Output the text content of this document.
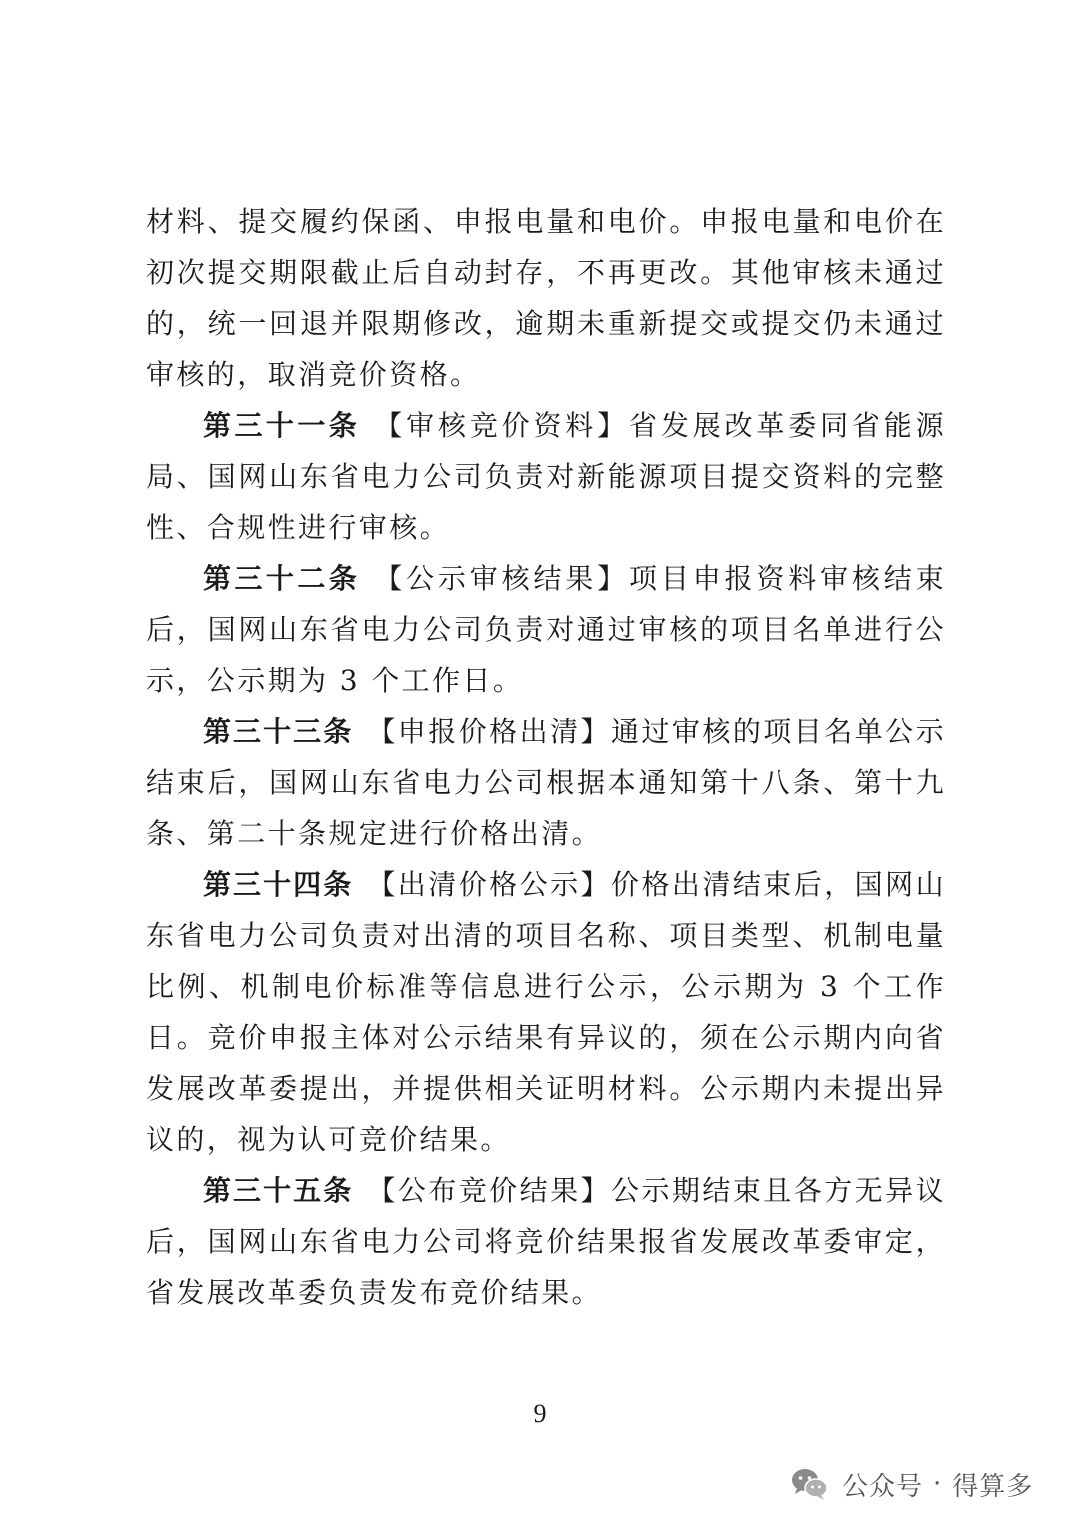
材料、提交履约保函、申报电量和电价。申报电量和电价在初次提交期限截止后自动封存，不再更改。其他审核未通过的，统一回退并限期修改，逾期未重新提交或提交仍未通过审核的，取消竞价资格。

第三十一条 【审核竞价资料】省发展改革委同省能源局、国网山东省电力公司负责对新能源项目提交资料的完整性、合规性进行审核。

第三十二条 【公示审核结果】项目申报资料审核结束后，国网山东省电力公司负责对通过审核的项目名单进行公示，公示期为 3 个工作日。

第三十三条 【申报价格出清】通过审核的项目名单公示结束后，国网山东省电力公司根据本通知第十八条、第十九条、第二十条规定进行价格出清。

第三十四条 【出清价格公示】价格出清结束后，国网山东省电力公司负责对出清的项目名称、项目类型、机制电量比例、机制电价标准等信息进行公示，公示期为 3 个工作日。竞价申报主体对公示结果有异议的，须在公示期内向省发展改革委提出，并提供相关证明材料。公示期内未提出异议的，视为认可竞价结果。

第三十五条 【公布竞价结果】公示期结束且各方无异议后，国网山东省电力公司将竞价结果报省发展改革委审定，省发展改革委负责发布竞价结果。

9
公众号 · 得算多
